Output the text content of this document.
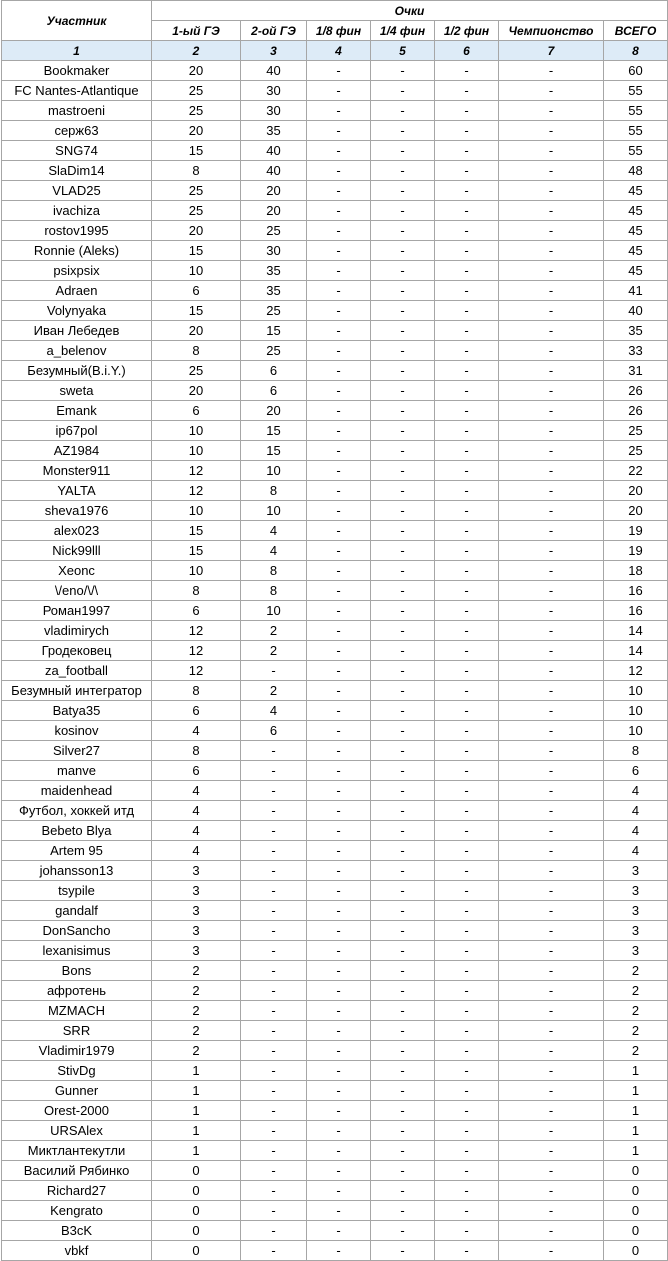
Участник	Очки						
	1-ый ГЭ	2-ой ГЭ	1/8 фин	1/4 фин	1/2 фин	Чемпионство	ВСЕГО
1	2	3	4	5	6	7	8
Bookmaker	20	40	-	-	-	-	60
FC Nantes-Atlantique	25	30	-	-	-	-	55
mastroeni	25	30	-	-	-	-	55
серж63	20	35	-	-	-	-	55
SNG74	15	40	-	-	-	-	55
SlaDim14	8	40	-	-	-	-	48
VLAD25	25	20	-	-	-	-	45
ivachiza	25	20	-	-	-	-	45
rostov1995	20	25	-	-	-	-	45
Ronnie (Aleks)	15	30	-	-	-	-	45
psixpsix	10	35	-	-	-	-	45
Adraen	6	35	-	-	-	-	41
Volynyaka	15	25	-	-	-	-	40
Иван Лебедев	20	15	-	-	-	-	35
a_belenov	8	25	-	-	-	-	33
Безумный(B.i.Y.)	25	6	-	-	-	-	31
sweta	20	6	-	-	-	-	26
Emank	6	20	-	-	-	-	26
ip67pol	10	15	-	-	-	-	25
AZ1984	10	15	-	-	-	-	25
Monster911	12	10	-	-	-	-	22
YALTA	12	8	-	-	-	-	20
sheva1976	10	10	-	-	-	-	20
alex023	15	4	-	-	-	-	19
Nick99lll	15	4	-	-	-	-	19
Xeonc	10	8	-	-	-	-	18
\/eno/\/\	8	8	-	-	-	-	16
Роман1997	6	10	-	-	-	-	16
vladimirych	12	2	-	-	-	-	14
Гродековец	12	2	-	-	-	-	14
za_football	12	-	-	-	-	-	12
Безумный интегратор	8	2	-	-	-	-	10
Batya35	6	4	-	-	-	-	10
kosinov	4	6	-	-	-	-	10
Silver27	8	-	-	-	-	-	8
manve	6	-	-	-	-	-	6
maidenhead	4	-	-	-	-	-	4
Футбол, хоккей итд	4	-	-	-	-	-	4
Bebeto Blya	4	-	-	-	-	-	4
Artem 95	4	-	-	-	-	-	4
johansson13	3	-	-	-	-	-	3
tsypile	3	-	-	-	-	-	3
gandalf	3	-	-	-	-	-	3
DonSancho	3	-	-	-	-	-	3
lexanisimus	3	-	-	-	-	-	3
Bons	2	-	-	-	-	-	2
афротень	2	-	-	-	-	-	2
MZMACH	2	-	-	-	-	-	2
SRR	2	-	-	-	-	-	2
Vladimir1979	2	-	-	-	-	-	2
StivDg	1	-	-	-	-	-	1
Gunner	1	-	-	-	-	-	1
Orest-2000	1	-	-	-	-	-	1
URSAlex	1	-	-	-	-	-	1
Миктлантекутли	1	-	-	-	-	-	1
Василий Рябинко	0	-	-	-	-	-	0
Richard27	0	-	-	-	-	-	0
Kengrato	0	-	-	-	-	-	0
B3cK	0	-	-	-	-	-	0
vbkf	0	-	-	-	-	-	0
